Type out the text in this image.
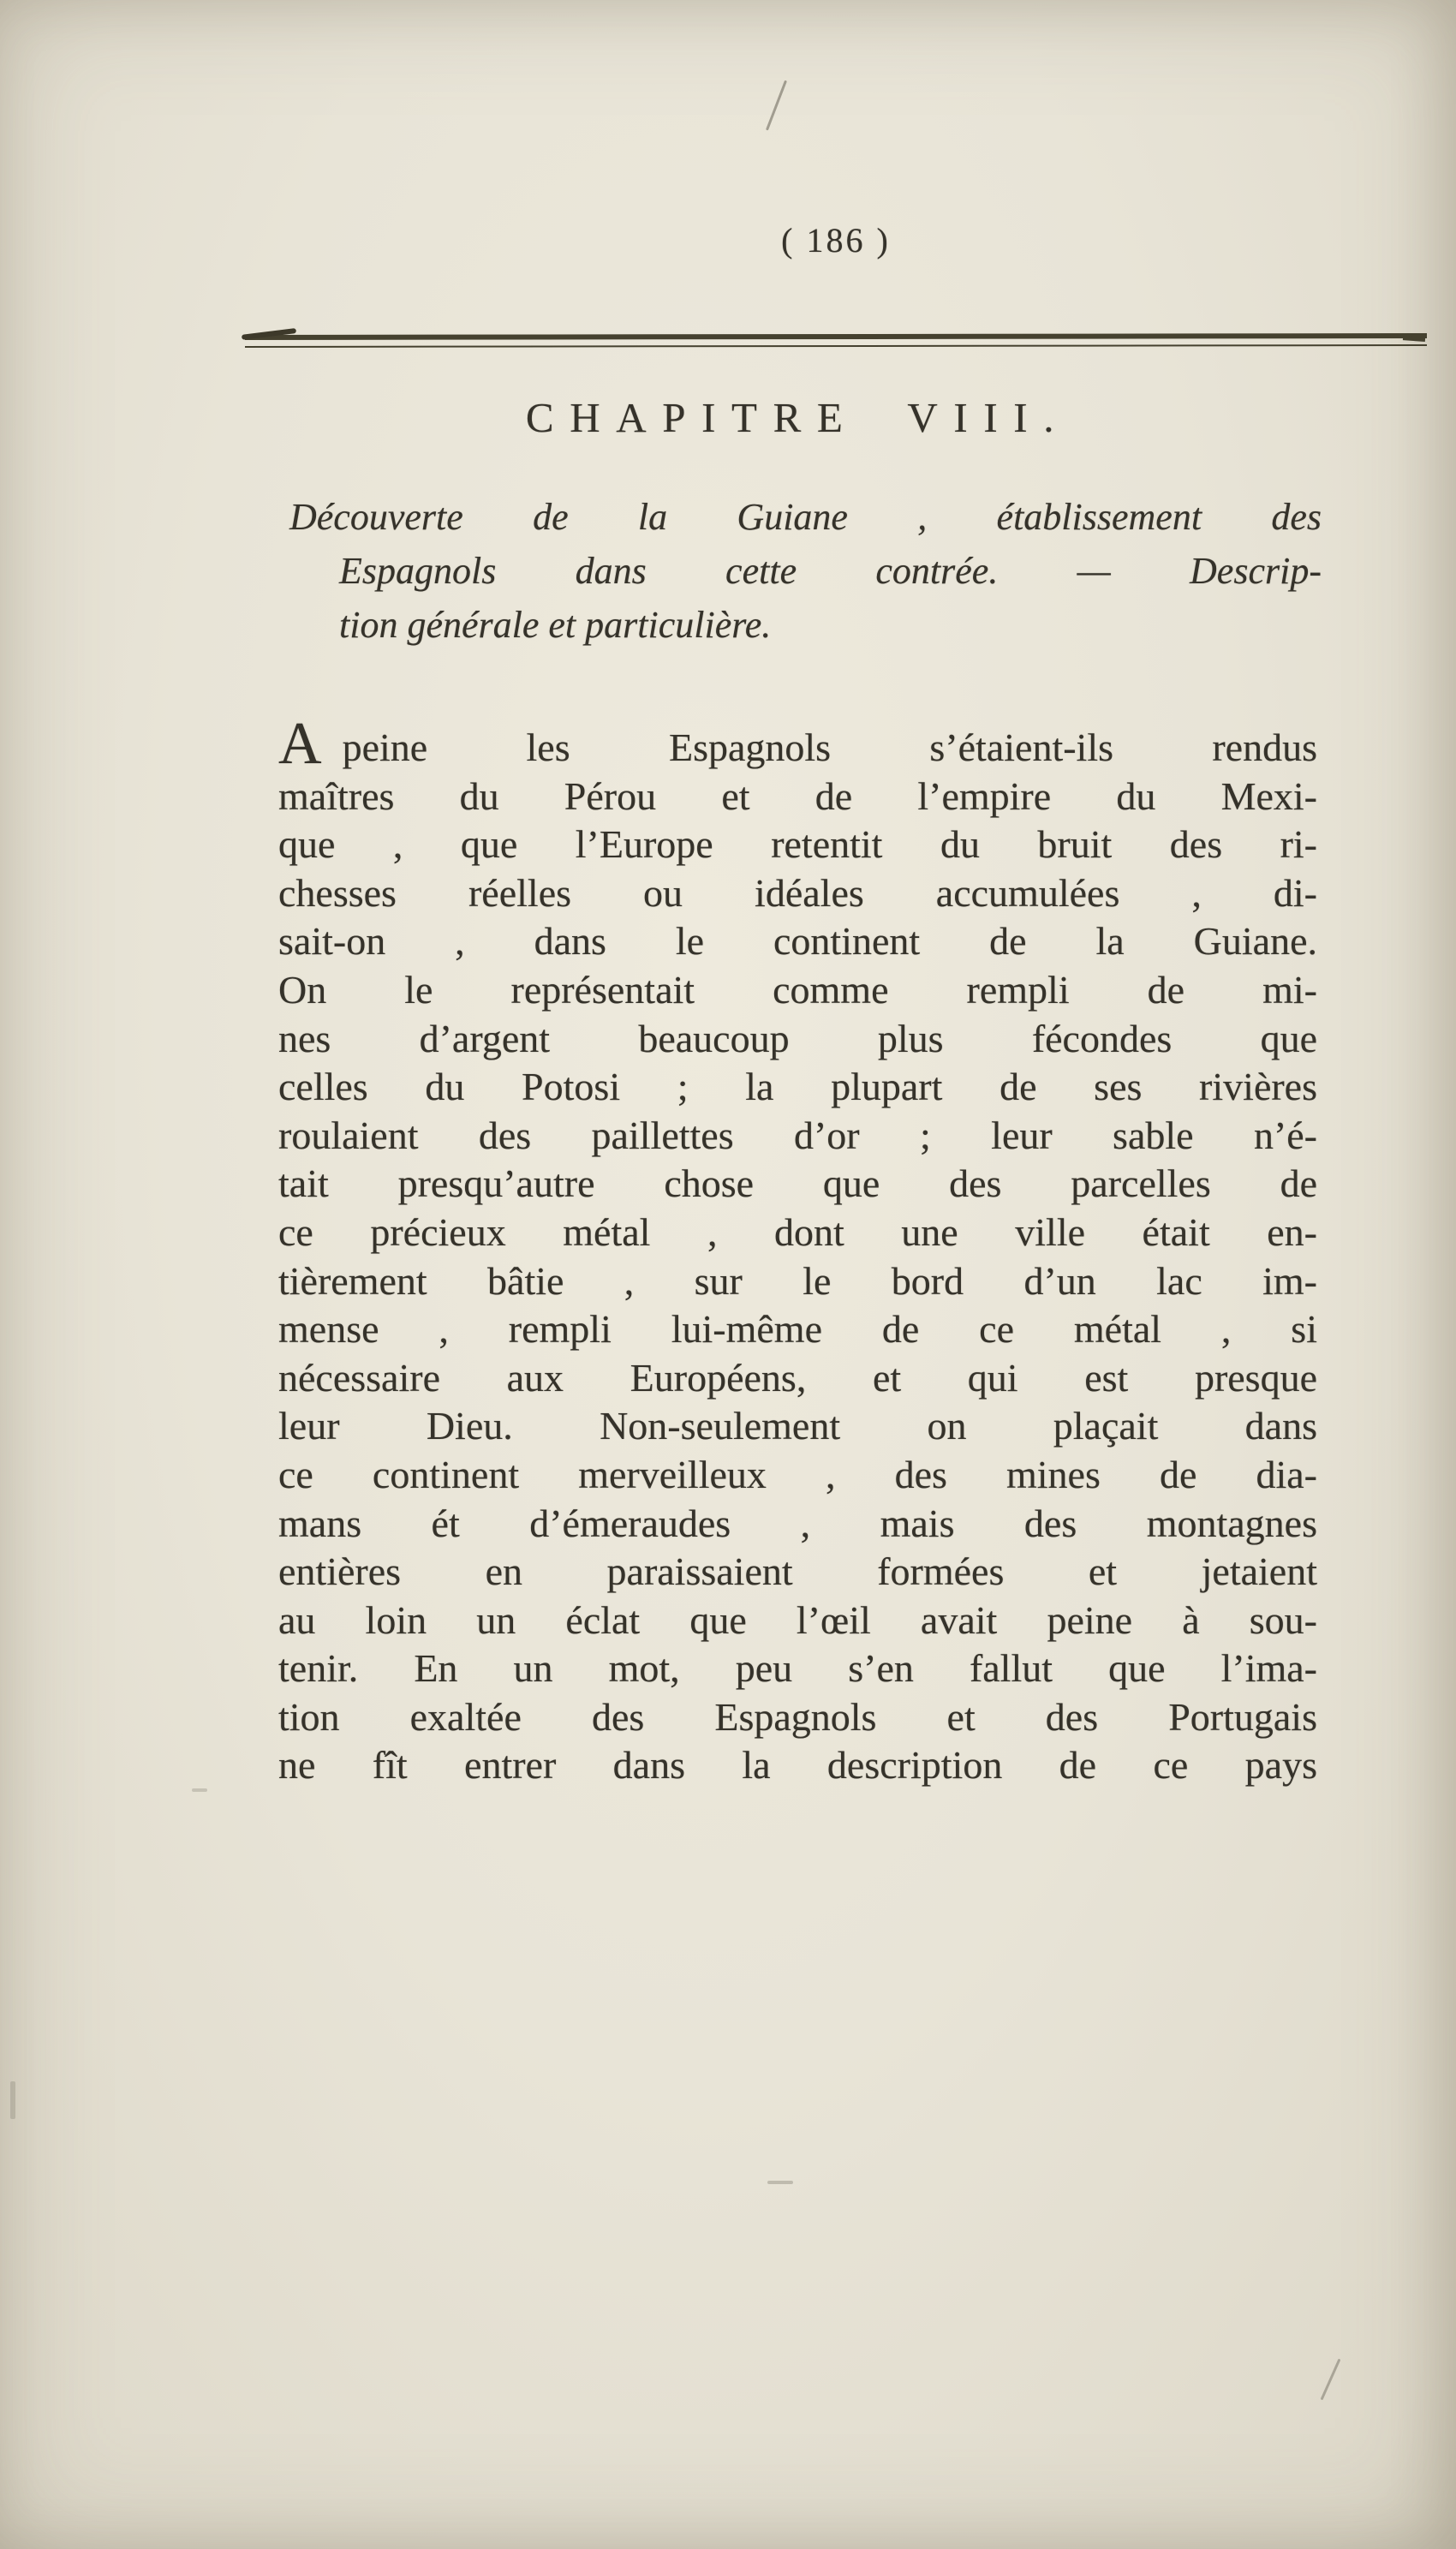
( 186 )
CHAPITRE VIII.
Découverte de la Guiane , établissement des
Espagnols dans cette contrée. — Descrip-
tion générale et particulière.
Apeine les Espagnols s’étaient-ils rendus
maîtres du Pérou et de l’empire du Mexi-
que , que l’Europe retentit du bruit des ri-
chesses réelles ou idéales accumulées , di-
sait-on , dans le continent de la Guiane.
On le représentait comme rempli de mi-
nes d’argent beaucoup plus fécondes que
celles du Potosi ; la plupart de ses rivières
roulaient des paillettes d’or ; leur sable n’é-
tait presqu’autre chose que des parcelles de
ce précieux métal , dont une ville était en-
tièrement bâtie , sur le bord d’un lac im-
mense , rempli lui-même de ce métal , si
nécessaire aux Européens, et qui est presque
leur Dieu. Non-seulement on plaçait dans
ce continent merveilleux , des mines de dia-
mans ét d’émeraudes , mais des montagnes
entières en paraissaient formées et jetaient
au loin un éclat que l’œil avait peine à sou-
tenir. En un mot, peu s’en fallut que l’ima-
tion exaltée des Espagnols et des Portugais
ne fît entrer dans la description de ce pays
